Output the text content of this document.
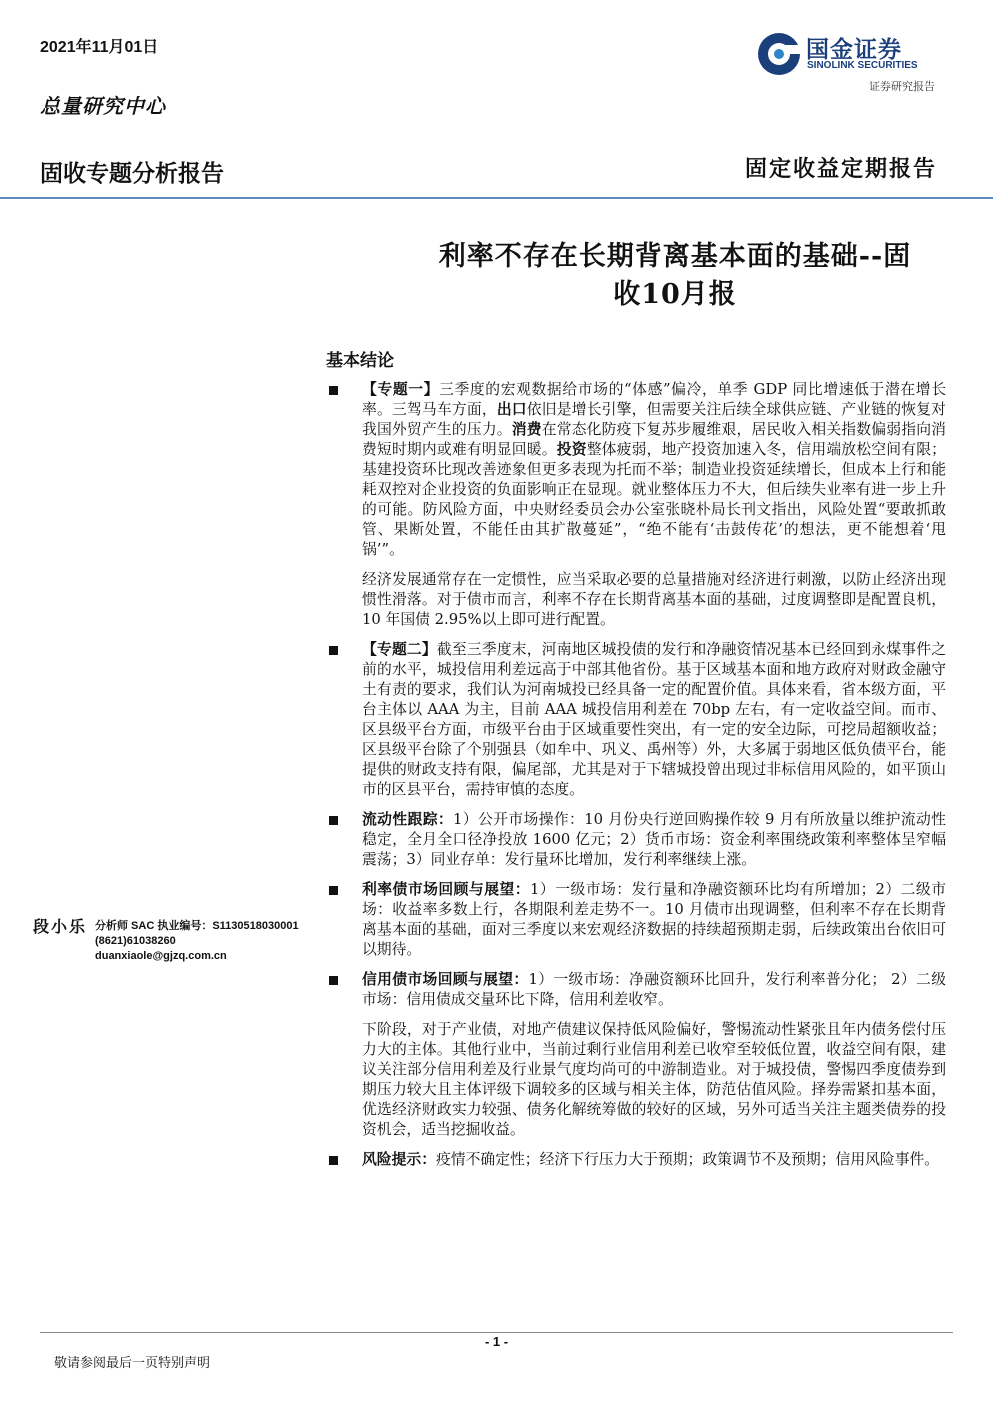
2021年11月01日
总量研究中心
国金证券
SINOLINK SECURITIES
证券研究报告
固收专题分析报告	固定收益定期报告
利率不存在长期背离基本面的基础--固
收10月报
基本结论
段小乐 分析师 SAC 执业编号：S1130518030001
(8621)61038260
duanxiaole@gjzq.com.cn
【专题一】三季度的宏观数据给市场的“体感”偏冷，单季 GDP 同比增速低于潜在增长率。三驾马车方面，出口依旧是增长引擎，但需要关注后续全球供应链、产业链的恢复对我国外贸产生的压力。消费在常态化防疫下复苏步履维艰，居民收入相关指数偏弱指向消费短时期内或难有明显回暖。投资整体疲弱，地产投资加速入冬，信用端放松空间有限；基建投资环比现改善迹象但更多表现为托而不举；制造业投资延续增长，但成本上行和能耗双控对企业投资的负面影响正在显现。就业整体压力不大，但后续失业率有进一步上升的可能。防风险方面，中央财经委员会办公室张晓朴局长刊文指出，风险处置“要敢抓敢管、果断处置，不能任由其扩散蔓延”，“绝不能有‘击鼓传花’的想法，更不能想着‘甩锅’”。
经济发展通常存在一定惯性，应当采取必要的总量措施对经济进行刺激，以防止经济出现惯性滑落。对于债市而言，利率不存在长期背离基本面的基础，过度调整即是配置良机，10 年国债 2.95%以上即可进行配置。
【专题二】截至三季度末，河南地区城投债的发行和净融资情况基本已经回到永煤事件之前的水平，城投信用利差远高于中部其他省份。基于区域基本面和地方政府对财政金融守土有责的要求，我们认为河南城投已经具备一定的配置价值。具体来看，省本级方面，平台主体以 AAA 为主，目前 AAA 城投信用利差在 70bp 左右，有一定收益空间。而市、区县级平台方面，市级平台由于区域重要性突出，有一定的安全边际，可挖局超额收益；区县级平台除了个别强县（如牟中、巩义、禹州等）外，大多属于弱地区低负债平台，能提供的财政支持有限，偏尾部，尤其是对于下辖城投曾出现过非标信用风险的，如平顶山市的区县平台，需持审慎的态度。
流动性跟踪：1）公开市场操作：10 月份央行逆回购操作较 9 月有所放量以维护流动性稳定，全月全口径净投放 1600 亿元；2）货币市场：资金利率围绕政策利率整体呈窄幅震荡；3）同业存单：发行量环比增加，发行利率继续上涨。
利率债市场回顾与展望：1）一级市场：发行量和净融资额环比均有所增加；2）二级市场：收益率多数上行，各期限利差走势不一。10 月债市出现调整，但利率不存在长期背离基本面的基础，面对三季度以来宏观经济数据的持续超预期走弱，后续政策出台依旧可以期待。
信用债市场回顾与展望：1）一级市场：净融资额环比回升，发行利率普分化； 2）二级市场：信用债成交量环比下降，信用利差收窄。
下阶段，对于产业债，对地产债建议保持低风险偏好，警惕流动性紧张且年内债务偿付压力大的主体。其他行业中，当前过剩行业信用利差已收窄至较低位置，收益空间有限，建议关注部分信用利差及行业景气度均尚可的中游制造业。对于城投债，警惕四季度债券到期压力较大且主体评级下调较多的区域与相关主体，防范估值风险。择券需紧扣基本面，优选经济财政实力较强、债务化解统筹做的较好的区域，另外可适当关注主题类债券的投资机会，适当挖掘收益。
风险提示：疫情不确定性；经济下行压力大于预期；政策调节不及预期；信用风险事件。
- 1 -
敬请参阅最后一页特别声明
